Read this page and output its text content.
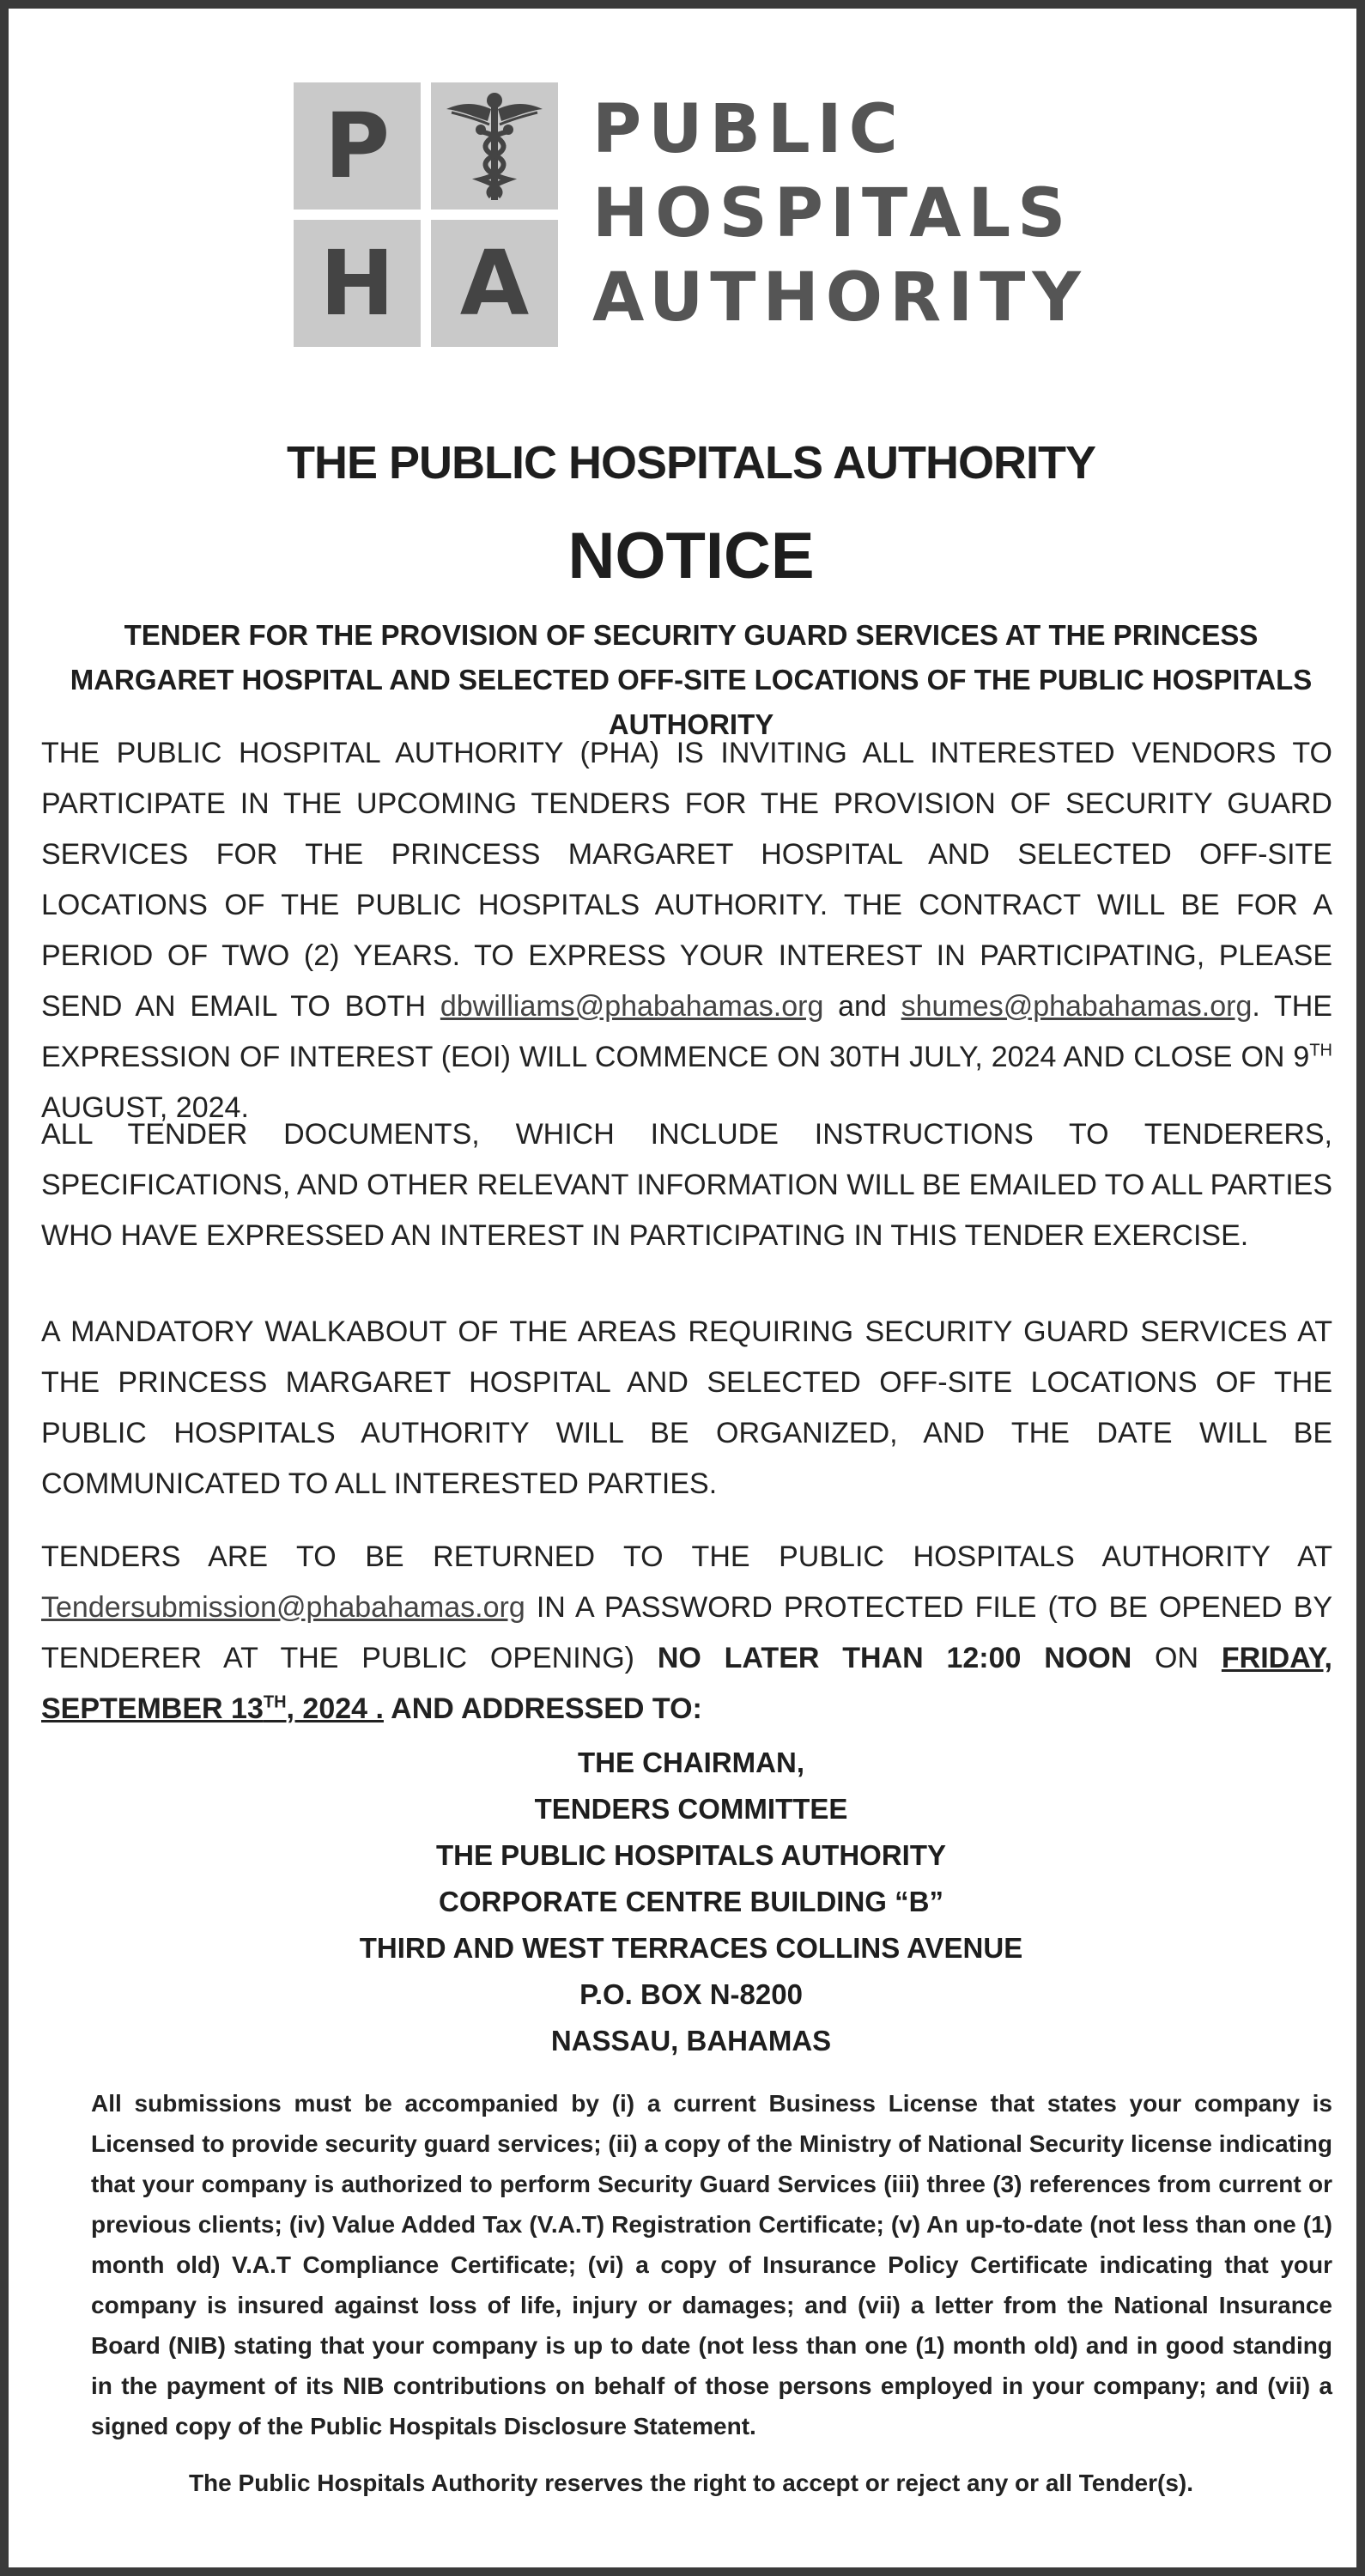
P
H A
PUBLIC
HOSPITALS
AUTHORITY
THE PUBLIC HOSPITALS AUTHORITY
NOTICE
TENDER FOR THE PROVISION OF SECURITY GUARD SERVICES AT THE PRINCESS MARGARET HOSPITAL AND SELECTED OFF-SITE LOCATIONS OF THE PUBLIC HOSPITALS AUTHORITY
THE PUBLIC HOSPITAL AUTHORITY (PHA) IS INVITING ALL INTERESTED VENDORS TO PARTICIPATE IN THE UPCOMING TENDERS FOR THE PROVISION OF SECURITY GUARD SERVICES FOR THE PRINCESS MARGARET HOSPITAL AND SELECTED OFF-SITE LOCATIONS OF THE PUBLIC HOSPITALS AUTHORITY. THE CONTRACT WILL BE FOR A PERIOD OF TWO (2) YEARS. TO EXPRESS YOUR INTEREST IN PARTICIPATING, PLEASE SEND AN EMAIL TO BOTH dbwilliams@phabahamas.org and shumes@phabahamas.org. THE EXPRESSION OF INTEREST (EOI) WILL COMMENCE ON 30TH JULY, 2024 AND CLOSE ON 9TH AUGUST, 2024.
ALL TENDER DOCUMENTS, WHICH INCLUDE INSTRUCTIONS TO TENDERERS, SPECIFICATIONS, AND OTHER RELEVANT INFORMATION WILL BE EMAILED TO ALL PARTIES WHO HAVE EXPRESSED AN INTEREST IN PARTICIPATING IN THIS TENDER EXERCISE.
A MANDATORY WALKABOUT OF THE AREAS REQUIRING SECURITY GUARD SERVICES AT THE PRINCESS MARGARET HOSPITAL AND SELECTED OFF-SITE LOCATIONS OF THE PUBLIC HOSPITALS AUTHORITY WILL BE ORGANIZED, AND THE DATE WILL BE COMMUNICATED TO ALL INTERESTED PARTIES.
TENDERS ARE TO BE RETURNED TO THE PUBLIC HOSPITALS AUTHORITY AT Tendersubmission@phabahamas.org IN A PASSWORD PROTECTED FILE (TO BE OPENED BY TENDERER AT THE PUBLIC OPENING) NO LATER THAN 12:00 NOON ON FRIDAY, SEPTEMBER 13TH, 2024 . AND ADDRESSED TO:
THE CHAIRMAN,
TENDERS COMMITTEE
THE PUBLIC HOSPITALS AUTHORITY
CORPORATE CENTRE BUILDING “B”
THIRD AND WEST TERRACES COLLINS AVENUE
P.O. BOX N-8200
NASSAU, BAHAMAS
All submissions must be accompanied by (i) a current Business License that states your company is Licensed to provide security guard services; (ii) a copy of the Ministry of National Security license indicating that your company is authorized to perform Security Guard Services (iii) three (3) references from current or previous clients; (iv) Value Added Tax (V.A.T) Registration Certificate; (v) An up-to-date (not less than one (1) month old) V.A.T Compliance Certificate; (vi) a copy of Insurance Policy Certificate indicating that your company is insured against loss of life, injury or damages; and (vii) a letter from the National Insurance Board (NIB) stating that your company is up to date (not less than one (1) month old) and in good standing in the payment of its NIB contributions on behalf of those persons employed in your company; and (vii) a signed copy of the Public Hospitals Disclosure Statement.
The Public Hospitals Authority reserves the right to accept or reject any or all Tender(s).
